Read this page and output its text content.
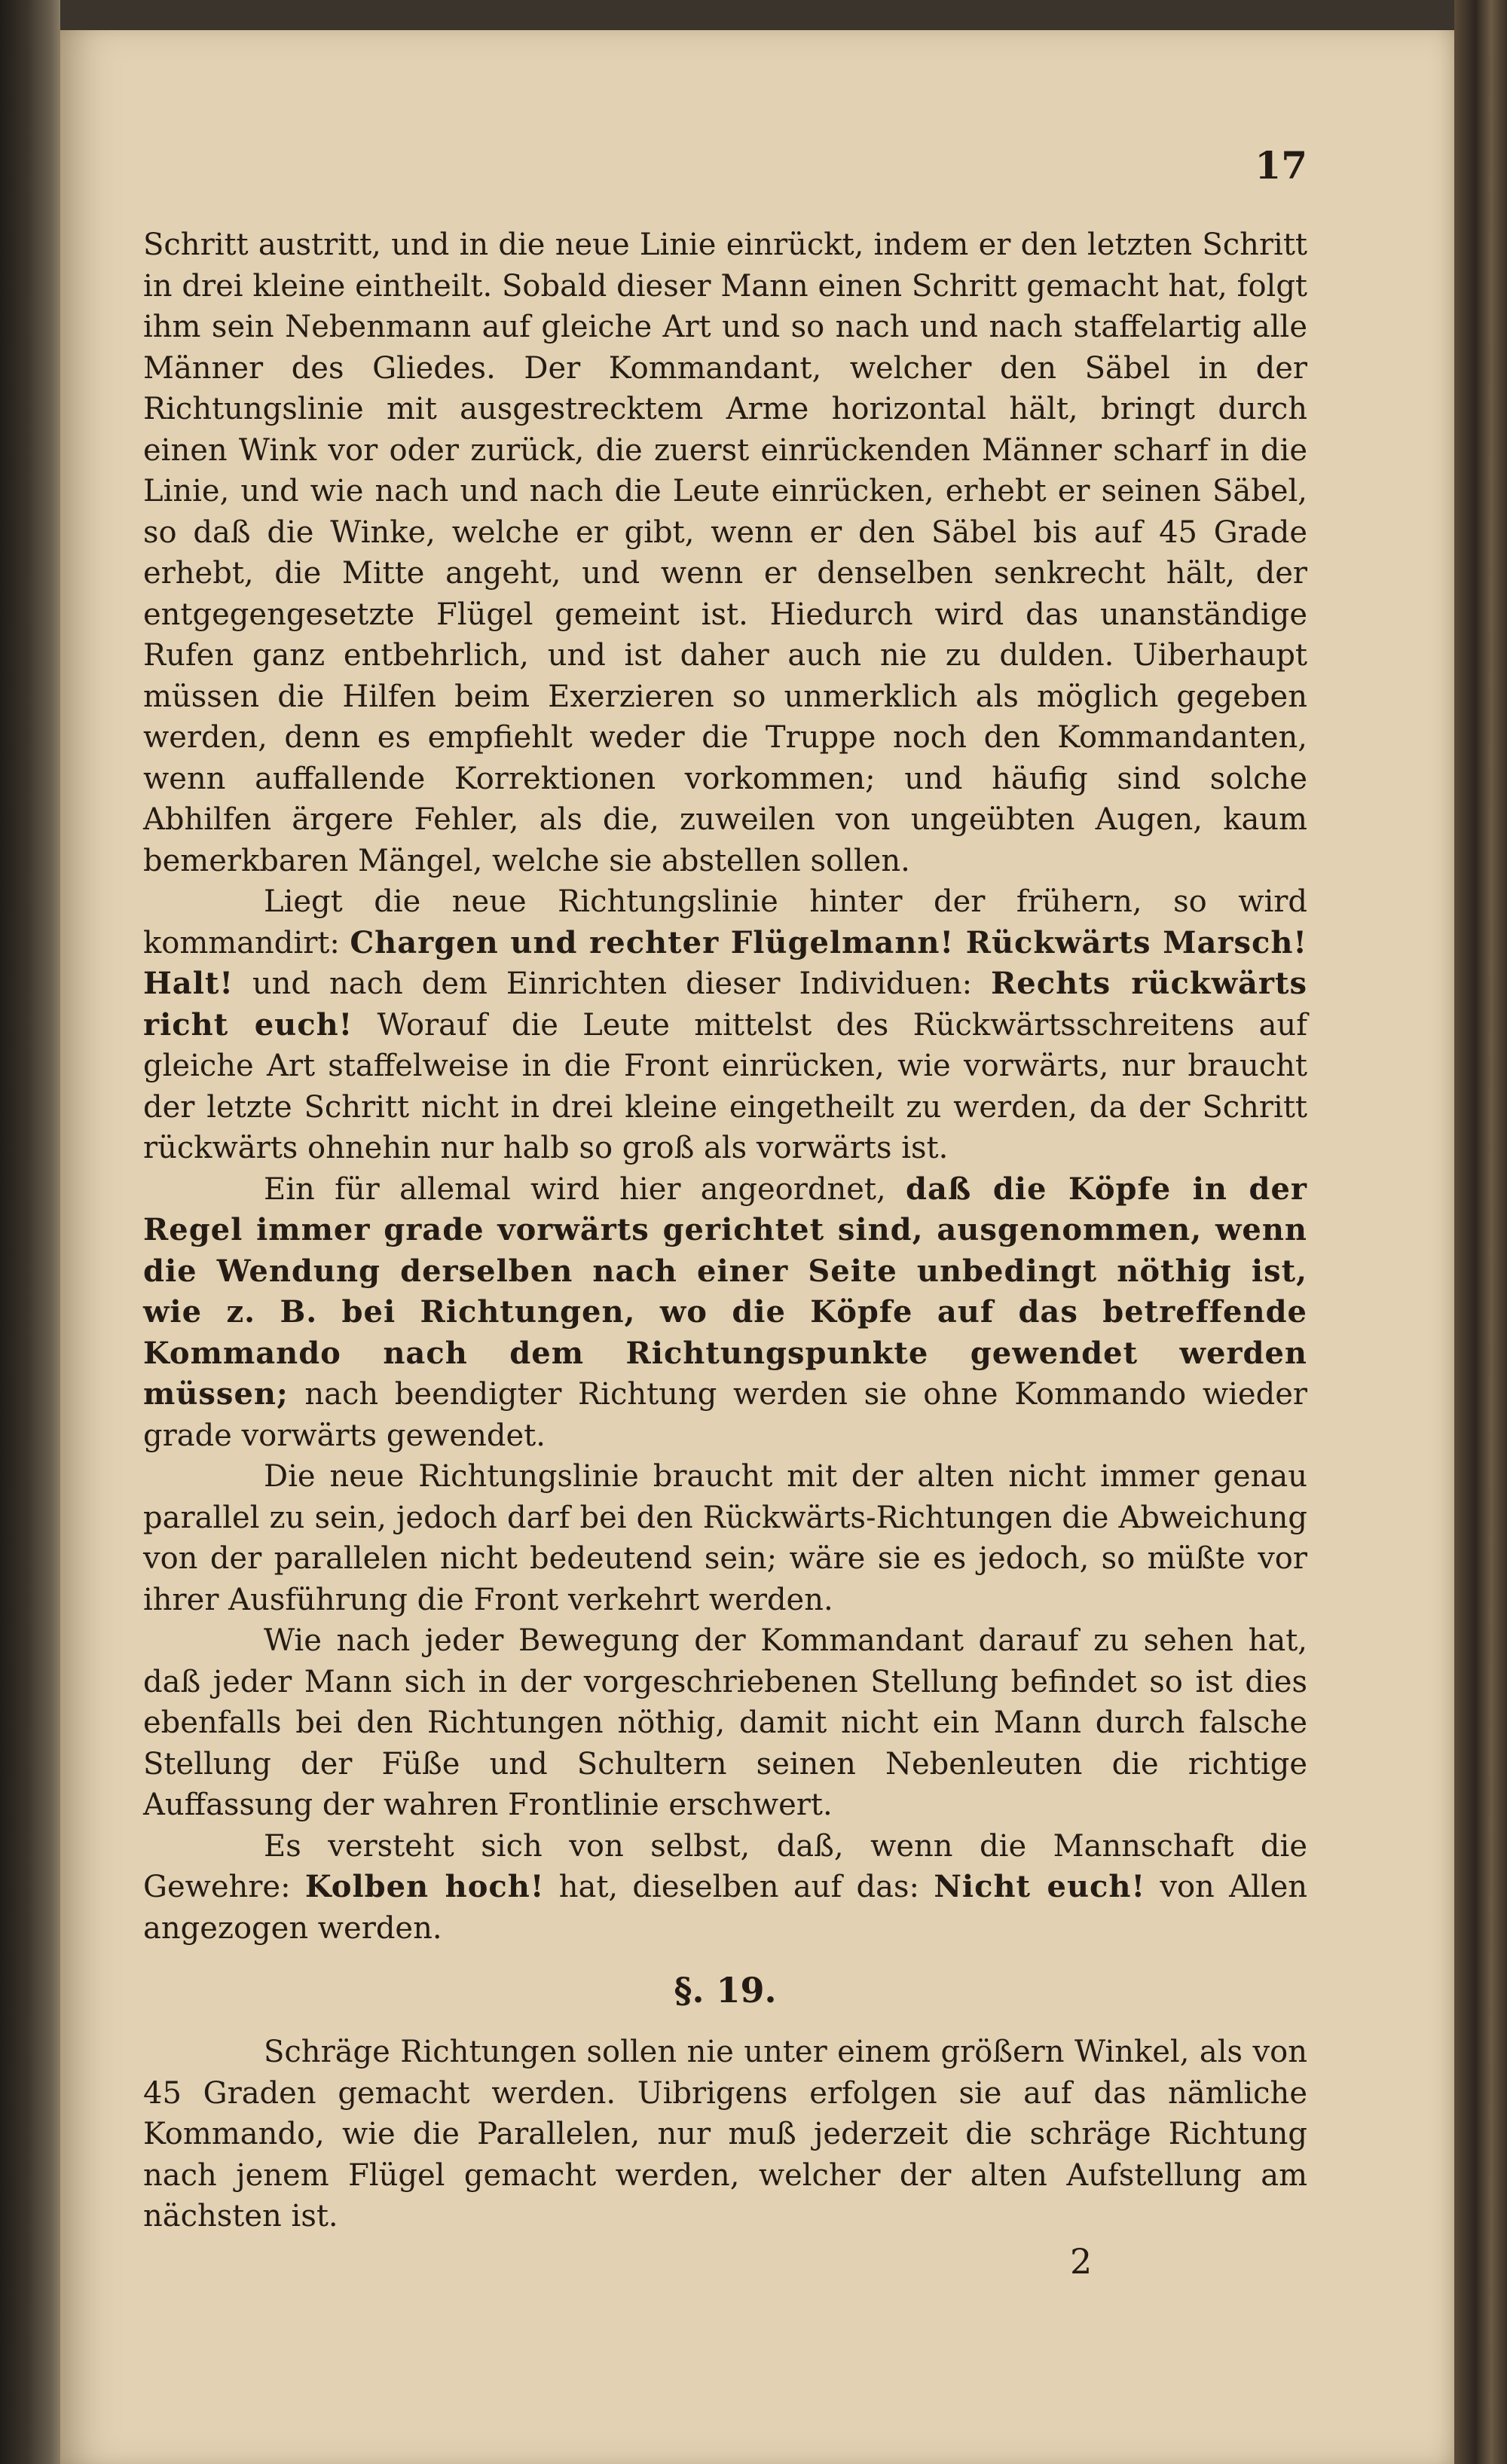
17

Schritt austritt, und in die neue Linie einrückt, indem er den letzten Schritt in drei kleine eintheilt. Sobald dieser Mann einen Schritt gemacht hat, folgt ihm sein Nebenmann auf gleiche Art und so nach und nach staffelartig alle Männer des Gliedes. Der Kommandant, welcher den Säbel in der Richtungslinie mit ausgestrecktem Arme horizontal hält, bringt durch einen Wink vor oder zurück, die zuerst einrückenden Männer scharf in die Linie, und wie nach und nach die Leute einrücken, erhebt er seinen Säbel, so daß die Winke, welche er gibt, wenn er den Säbel bis auf 45 Grade erhebt, die Mitte angeht, und wenn er denselben senkrecht hält, der entgegengesetzte Flügel gemeint ist. Hiedurch wird das unanständige Rufen ganz entbehrlich, und ist daher auch nie zu dulden. Uiberhaupt müssen die Hilfen beim Exerzieren so unmerklich als möglich gegeben werden, denn es empfiehlt weder die Truppe noch den Kommandanten, wenn auffallende Korrektionen vorkommen; und häufig sind solche Abhilfen ärgere Fehler, als die, zuweilen von ungeübten Augen, kaum bemerkbaren Mängel, welche sie abstellen sollen.

Liegt die neue Richtungslinie hinter der frühern, so wird kommandirt: Chargen und rechter Flügelmann! Rückwärts Marsch! Halt! und nach dem Einrichten dieser Individuen: Rechts rückwärts richt euch! Worauf die Leute mittelst des Rückwärtsschreitens auf gleiche Art staffelweise in die Front einrücken, wie vorwärts, nur braucht der letzte Schritt nicht in drei kleine eingetheilt zu werden, da der Schritt rückwärts ohnehin nur halb so groß als vorwärts ist.

Ein für allemal wird hier angeordnet, daß die Köpfe in der Regel immer grade vorwärts gerichtet sind, ausgenommen, wenn die Wendung derselben nach einer Seite unbedingt nöthig ist, wie z. B. bei Richtungen, wo die Köpfe auf das betreffende Kommando nach dem Richtungspunkte gewendet werden müssen; nach beendigter Richtung werden sie ohne Kommando wieder grade vorwärts gewendet.

Die neue Richtungslinie braucht mit der alten nicht immer genau parallel zu sein, jedoch darf bei den Rückwärts-Richtungen die Abweichung von der parallelen nicht bedeutend sein; wäre sie es jedoch, so müßte vor ihrer Ausführung die Front verkehrt werden.

Wie nach jeder Bewegung der Kommandant darauf zu sehen hat, daß jeder Mann sich in der vorgeschriebenen Stellung befindet so ist dies ebenfalls bei den Richtungen nöthig, damit nicht ein Mann durch falsche Stellung der Füße und Schultern seinen Nebenleuten die richtige Auffassung der wahren Frontlinie erschwert.

Es versteht sich von selbst, daß, wenn die Mannschaft die Gewehre: Kolben hoch! hat, dieselben auf das: Nicht euch! von Allen angezogen werden.

§. 19.

Schräge Richtungen sollen nie unter einem größern Winkel, als von 45 Graden gemacht werden. Uibrigens erfolgen sie auf das nämliche Kommando, wie die Parallelen, nur muß jederzeit die schräge Richtung nach jenem Flügel gemacht werden, welcher der alten Aufstellung am nächsten ist.

2
